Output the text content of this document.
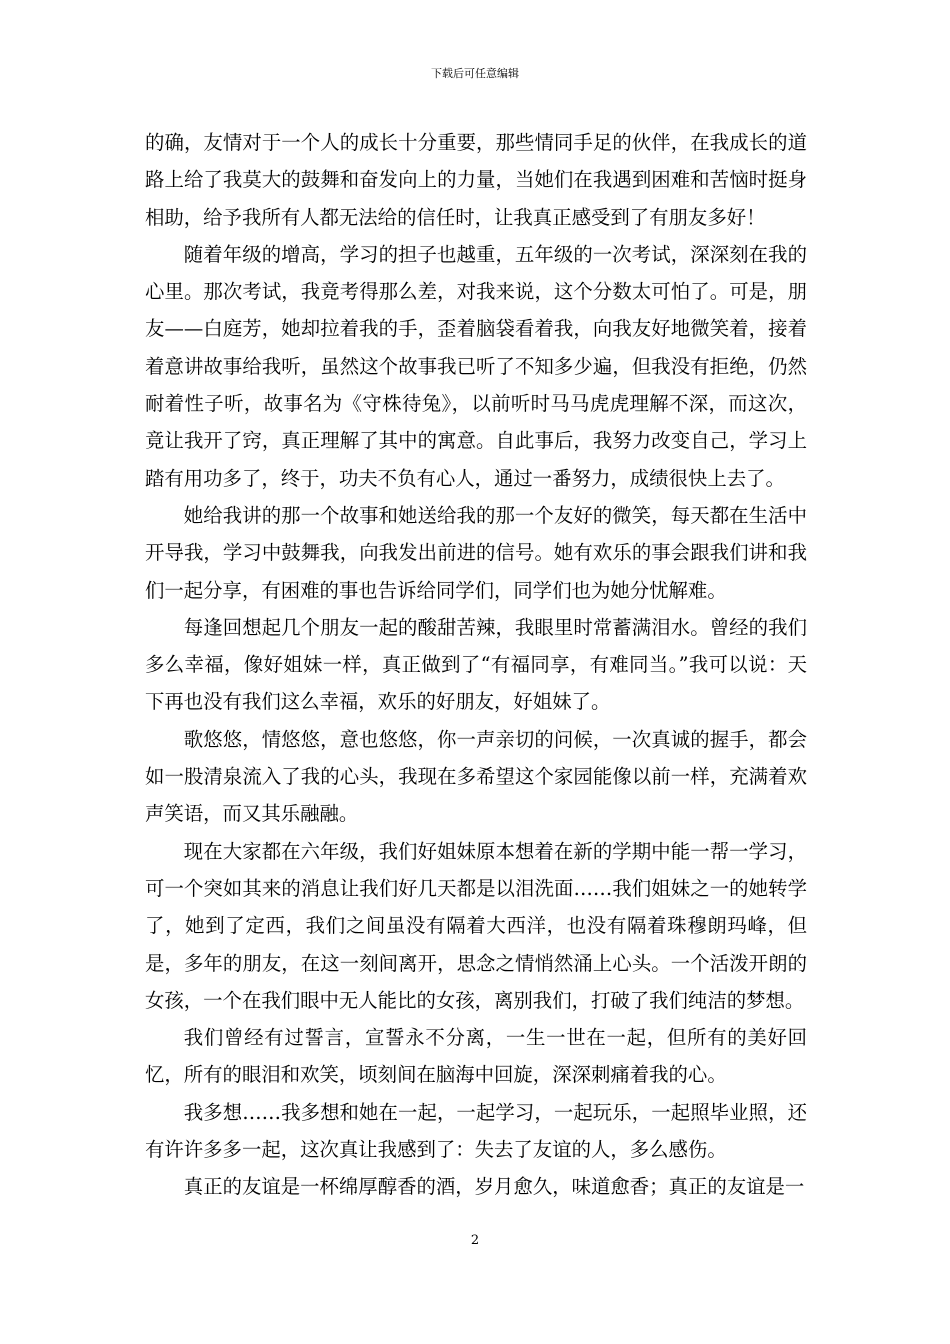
下载后可任意编辑

的确，友情对于一个人的成长十分重要，那些情同手足的伙伴，在我成长的道路上给了我莫大的鼓舞和奋发向上的力量，当她们在我遇到困难和苦恼时挺身相助，给予我所有人都无法给的信任时，让我真正感受到了有朋友多好！

随着年级的增高，学习的担子也越重，五年级的一次考试，深深刻在我的心里。那次考试，我竟考得那么差，对我来说，这个分数太可怕了。可是，朋友——白庭芳，她却拉着我的手，歪着脑袋看着我，向我友好地微笑着，接着着意讲故事给我听，虽然这个故事我已听了不知多少遍，但我没有拒绝，仍然耐着性子听，故事名为《守株待兔》，以前听时马马虎虎理解不深，而这次，竟让我开了窍，真正理解了其中的寓意。自此事后，我努力改变自己，学习上踏有用功多了，终于，功夫不负有心人，通过一番努力，成绩很快上去了。

她给我讲的那一个故事和她送给我的那一个友好的微笑，每天都在生活中开导我，学习中鼓舞我，向我发出前进的信号。她有欢乐的事会跟我们讲和我们一起分享，有困难的事也告诉给同学们，同学们也为她分忧解难。

每逢回想起几个朋友一起的酸甜苦辣，我眼里时常蓄满泪水。曾经的我们多么幸福，像好姐妹一样，真正做到了“有福同享，有难同当。”我可以说：天下再也没有我们这么幸福，欢乐的好朋友，好姐妹了。

歌悠悠，情悠悠，意也悠悠，你一声亲切的问候，一次真诚的握手，都会如一股清泉流入了我的心头，我现在多希望这个家园能像以前一样，充满着欢声笑语，而又其乐融融。

现在大家都在六年级，我们好姐妹原本想着在新的学期中能一帮一学习，可一个突如其来的消息让我们好几天都是以泪洗面……我们姐妹之一的她转学了，她到了定西，我们之间虽没有隔着大西洋，也没有隔着珠穆朗玛峰，但是，多年的朋友，在这一刻间离开，思念之情悄然涌上心头。一个活泼开朗的女孩，一个在我们眼中无人能比的女孩，离别我们，打破了我们纯洁的梦想。

我们曾经有过誓言，宣誓永不分离，一生一世在一起，但所有的美好回忆，所有的眼泪和欢笑，顷刻间在脑海中回旋，深深刺痛着我的心。

我多想……我多想和她在一起，一起学习，一起玩乐，一起照毕业照，还有许许多多一起，这次真让我感到了：失去了友谊的人，多么感伤。

真正的友谊是一杯绵厚醇香的酒，岁月愈久，味道愈香；真正的友谊是一

2
